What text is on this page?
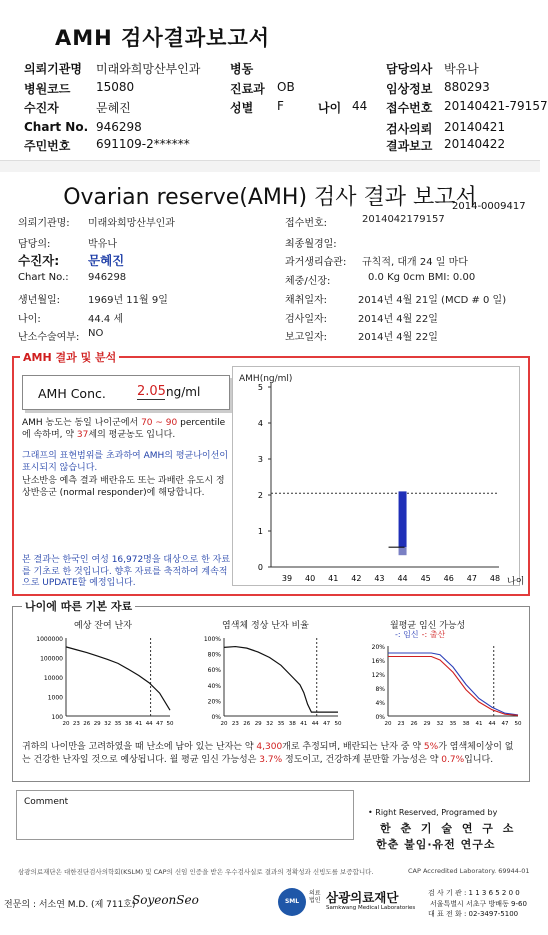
AMH 검사결과보고서
의뢰기관명 미래와희망산부인과
병원코드 15080
수진자	문혜진
Chart No. 946298
주민번호 691109-2******
병동
진료과 OB
성별 F	나이 44
담당의사 박유나
임상정보 880293
접수번호 20140421-79157
검사의뢰 20140421
결과보고 20140422
Ovarian reserve(AMH) 검사 결과 보고서
2014-0009417
의뢰기관명: 미래와희망산부인과
담당의:	박유나
수진자: 문혜진
Chart No.: 946298
생년월일:	1969년 11월 9일
나이:	44.4 세
난소수술여부: NO
접수번호:	2014042179157
최종월경일:
과거생리습관: 규칙적, 대개 24 일 마다
체중/신장:	0.0 Kg 0cm BMI: 0.00
채취일자:	2014년 4월 21일 (MCD # 0 일)
검사일자:	2014년 4월 22일
보고일자:	2014년 4월 22일
AMH 결과 및 분석
AMH Conc. 2.05 ng/ml
AMH 농도는 동일 나이군에서 70 ~ 90 percentile에 속하며, 약 37세의 평균농도 입니다.
그래프의 표현범위를 초과하여 AMH의 평균나이선이 표시되지 않습니다.
난소반응 예측 결과 배란유도 또는 과배란 유도시 정상반응군 (normal responder)에 해당합니다.
본 결과는 한국인 여성 16,972명을 대상으로 한 자료를 기초로 한 것입니다. 향후 자료를 축적하여 계속적으로 UPDATE할 예정입니다.
AMH(ng/ml)
0
1
2
3
4
5
39 40 41 42 43 44 45 46 47 48 나이
나이에 따른 기본 자료
예상 잔여 난자	염색체 정상 난자 비율	월평균 임신 가능성
-: 임신 -: 출산
1000000
100000
10000
1000
100
20 23 26 29 32 35 38 41 44 47 50
100%
80%
60%
40%
20%
0%
20 23 26 29 32 35 38 41 44 47 50
20%
16%
12%
8%
4%
0%
20 23 26 29 32 35 38 41 44 47 50
귀하의 나이만을 고려하였을 때 난소에 남아 있는 난자는 약 4,300개로 추정되며, 배란되는 난자 중 약 5%가 염색체이상이 없는 건강한 난자일 것으로 예상됩니다. 월 평균 임신 가능성은 3.7% 정도이고, 건강하게 분만할 가능성은 약 0.7%입니다.
Comment
• Right Reserved, Programed by
한 춘 기 술 연 구 소
한춘 불임·유전 연구소
삼광의료재단은 대한진단검사의학회(KSLM) 및 CAP의 신임 인증을 받은 우수검사실로 결과의 정확성과 신빙도를 보증합니다.	CAP Accredited Laboratory. 69944-01
전문의 : 서소연 M.D. (제 711호)
SoyeonSeo	SML
의료법인 삼광의료재단
Samkwang Medical Laboratories
검 사 기 관 : 1 1 3 6 5 2 0 0
서울특별시 서초구 방배동 9-60
대 표 전 화 : 02-3497-5100
